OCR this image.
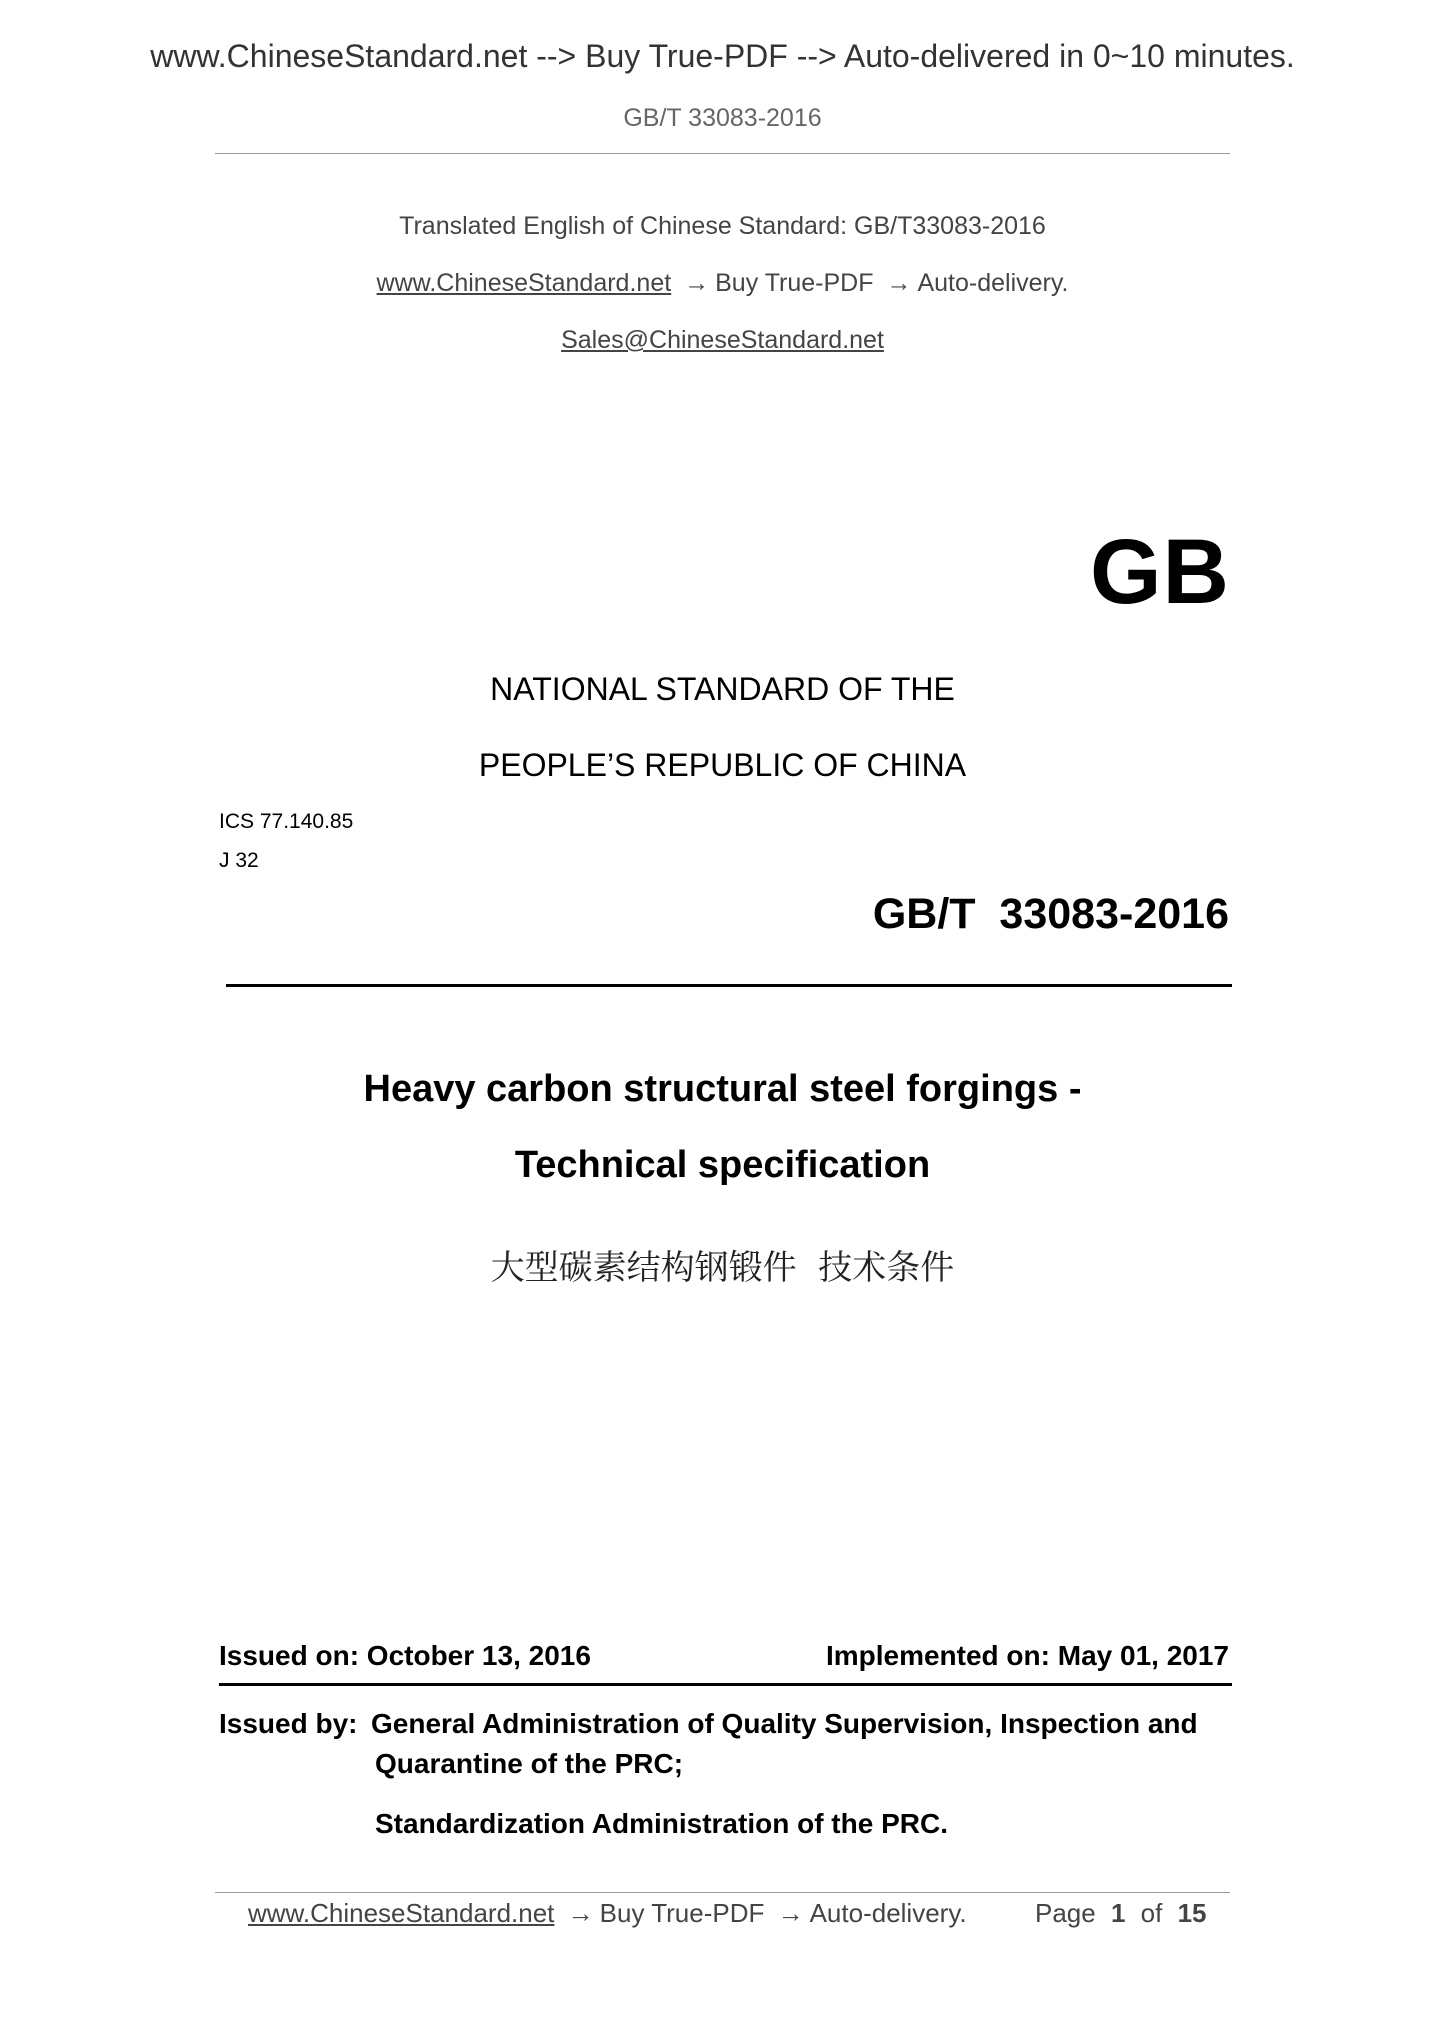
www.ChineseStandard.net --> Buy True-PDF --> Auto-delivered in 0~10 minutes.
GB/T 33083-2016
Translated English of Chinese Standard: GB/T33083-2016
www.ChineseStandard.net → Buy True-PDF → Auto-delivery.
Sales@ChineseStandard.net
GB
NATIONAL STANDARD OF THE
PEOPLE’S REPUBLIC OF CHINA
ICS 77.140.85
J 32
GB/T  33083-2016
Heavy carbon structural steel forgings -
Technical specification
大型碳素结构钢锻件  技术条件
Issued on: October 13, 2016	Implemented on: May 01, 2017
Issued by: General Administration of Quality Supervision, Inspection and
Quarantine of the PRC;
Standardization Administration of the PRC.
www.ChineseStandard.net → Buy True-PDF → Auto-delivery.	Page 1 of 15
